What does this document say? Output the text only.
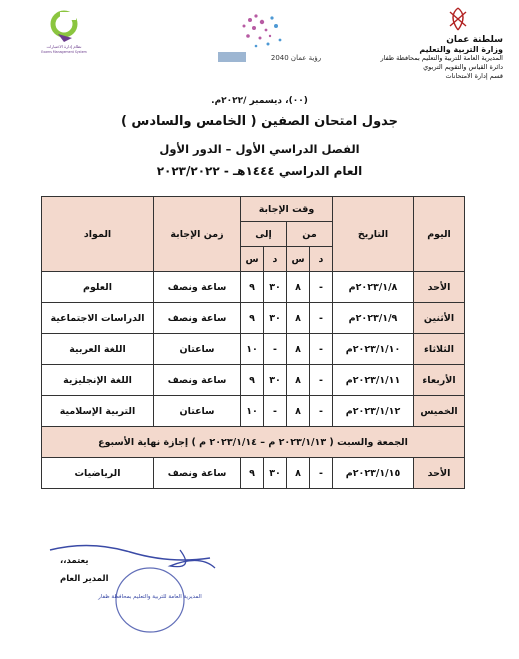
نظام إدارة الاختبارات
Exams Management System
رؤية عمان 2040
سلطنة عمان
وزارة التربية والتعليم
المديرية العامة للتربية والتعليم بمحافظة ظفار
دائرة القياس والتقويم التربوي
قسم إدارة الامتحانات
(٠٠)، ديسمبر /٢٠٢٢م.
جدول امتحان الصفين ( الخامس والسادس )
الفصل الدراسي الأول – الدور الأول
العام الدراسي ١٤٤٤هـ - ٢٠٢٣/٢٠٢٢
اليوم	التاريخ	وقت الإجابة				زمن الإجابة	المواد
		من		إلى			
		د	س	د	س		
الأحد	٢٠٢٣/١/٨م	-	٨	٣٠	٩	ساعة ونصف	العلوم
الأثنين	٢٠٢٣/١/٩م	-	٨	٣٠	٩	ساعة ونصف	الدراسات الاجتماعية
الثلاثاء	٢٠٢٣/١/١٠م	-	٨	-	١٠	ساعتان	اللغة العربية
الأربعاء	٢٠٢٣/١/١١م	-	٨	٣٠	٩	ساعة ونصف	اللغة الإنجليزية
الخميس	٢٠٢٣/١/١٢م	-	٨	-	١٠	ساعتان	التربية الإسلامية
الجمعة والسبت ( ٢٠٢٣/١/١٣ م – ٢٠٢٣/١/١٤ م ) إجازة نهاية الأسبوع							
الأحد	٢٠٢٣/١/١٥م	-	٨	٣٠	٩	ساعة ونصف	الرياضيات
المديرية العامة للتربية والتعليم بمحافظة ظفار
يعتمد،،
المدير العام
